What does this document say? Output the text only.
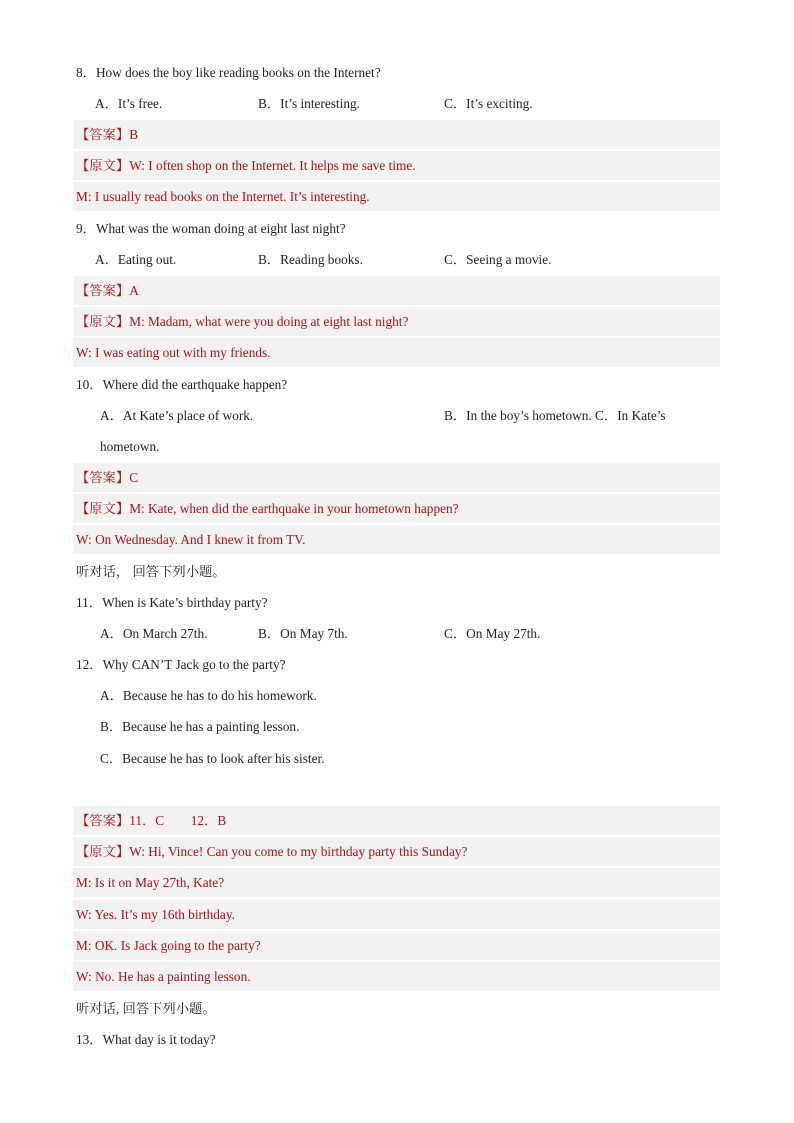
8．How does the boy like reading books on the Internet?
A．It’s free.	B．It’s interesting.	C．It’s exciting.
【答案】B
【原文】W: I often shop on the Internet. It helps me save time.
M: I usually read books on the Internet. It’s interesting.
9．What was the woman doing at eight last night?
A．Eating out.	B．Reading books.	C．Seeing a movie.
【答案】A
【原文】M: Madam, what were you doing at eight last night?
W: I was eating out with my friends.
10．Where did the earthquake happen?
A．At Kate’s place of work.	B．In the boy’s hometown. C．In Kate’s
hometown.
【答案】C
【原文】M: Kate, when did the earthquake in your hometown happen?
W: On Wednesday. And I knew it from TV.
听对话， 回答下列小题。
11．When is Kate’s birthday party?
A．On March 27th.	B．On May 7th.	C．On May 27th.
12．Why CAN’T Jack go to the party?
A．Because he has to do his homework.
B．Because he has a painting lesson.
C．Because he has to look after his sister.
【答案】11．C        12．B
【原文】W: Hi, Vince! Can you come to my birthday party this Sunday?
M: Is it on May 27th, Kate?
W: Yes. It’s my 16th birthday.
M: OK. Is Jack going to the party?
W: No. He has a painting lesson.
听对话, 回答下列小题。
13．What day is it today?
